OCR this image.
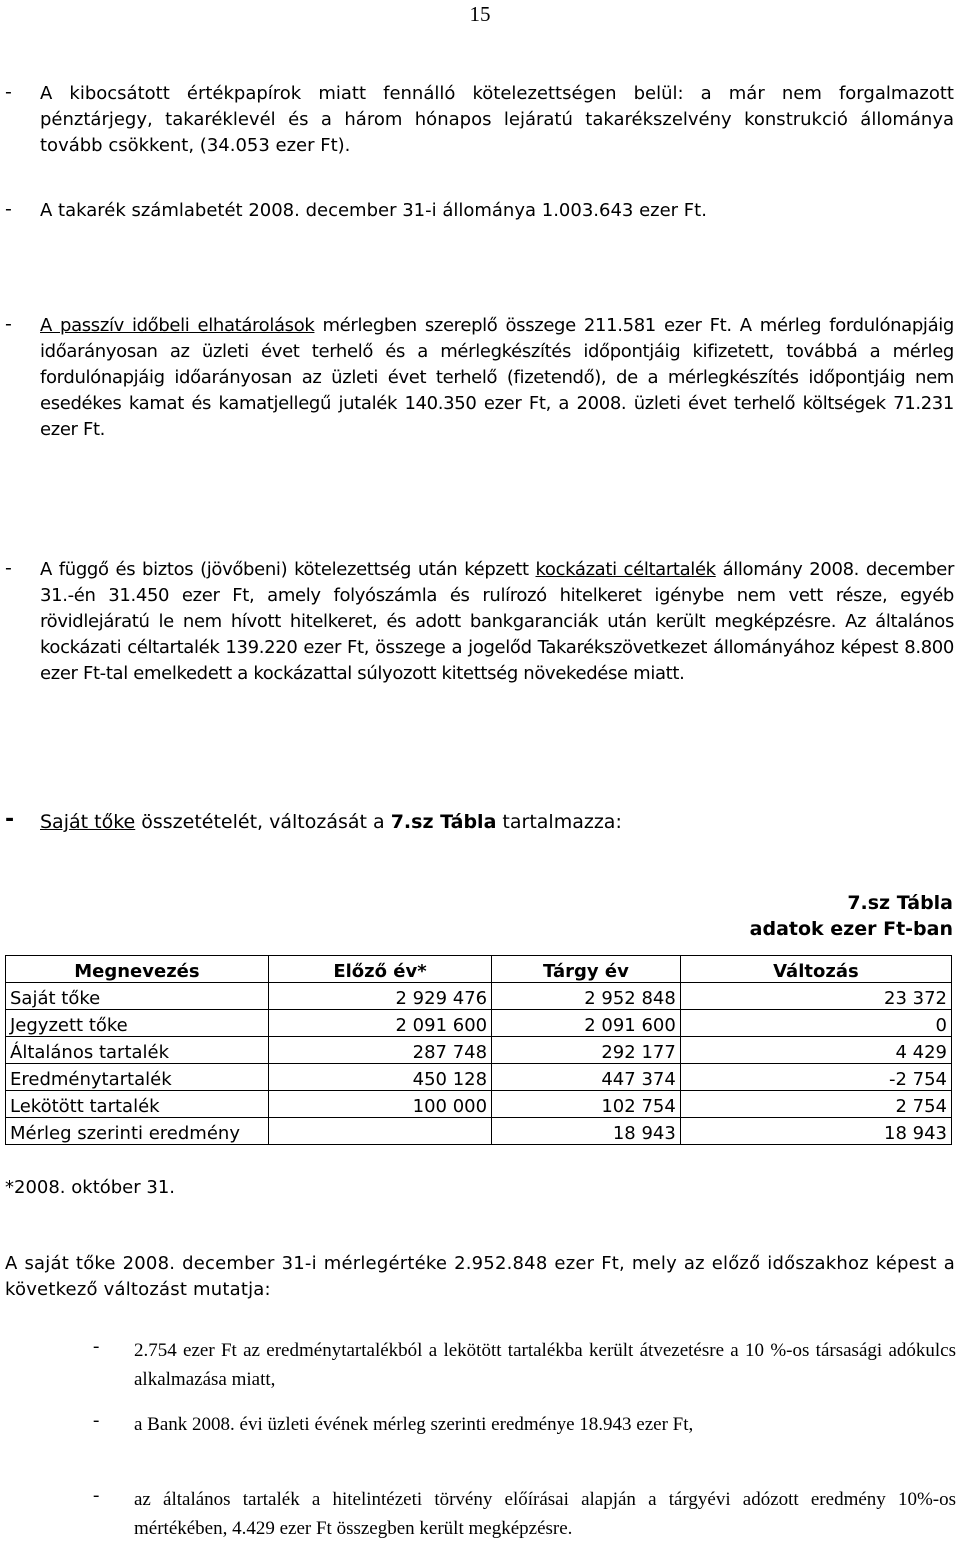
15
- A kibocsátott értékpapírok miatt fennálló kötelezettségen belül: a már nem forgalmazott pénztárjegy, takaréklevél és a három hónapos lejáratú takarékszelvény konstrukció állománya tovább csökkent, (34.053 ezer Ft).
- A takarék számlabetét 2008. december 31-i állománya 1.003.643 ezer Ft.
- A passzív időbeli elhatárolások mérlegben szereplő összege 211.581 ezer Ft. A mérleg fordulónapjáig időarányosan az üzleti évet terhelő és a mérlegkészítés időpontjáig kifizetett, továbbá a mérleg fordulónapjáig időarányosan az üzleti évet terhelő (fizetendő), de a mérlegkészítés időpontjáig nem esedékes kamat és kamatjellegű jutalék 140.350 ezer Ft, a 2008. üzleti évet terhelő költségek 71.231 ezer Ft.
- A függő és biztos (jövőbeni) kötelezettség után képzett kockázati céltartalék állomány 2008. december 31.-én 31.450 ezer Ft, amely folyószámla és rulírozó hitelkeret igénybe nem vett része, egyéb rövidlejáratú le nem hívott hitelkeret, és adott bankgaranciák után került megképzésre. Az általános kockázati céltartalék 139.220 ezer Ft, összege a jogelőd Takarékszövetkezet állományához képest 8.800 ezer Ft-tal emelkedett a kockázattal súlyozott kitettség növekedése miatt.
- Saját tőke összetételét, változását a 7.sz Tábla tartalmazza:
7.sz Tábla
adatok ezer Ft-ban
Megnevezés	Előző év*	Tárgy év	Változás
Saját tőke	2 929 476	2 952 848	23 372
Jegyzett tőke	2 091 600	2 091 600	0
Általános tartalék	287 748	292 177	4 429
Eredménytartalék	450 128	447 374	-2 754
Lekötött tartalék	100 000	102 754	2 754
Mérleg szerinti eredmény		18 943	18 943
*2008. október 31.
A saját tőke 2008. december 31-i mérlegértéke 2.952.848 ezer Ft, mely az előző időszakhoz képest a következő változást mutatja:
- 2.754 ezer Ft az eredménytartalékból a lekötött tartalékba került átvezetésre a 10 %-os társasági adókulcs alkalmazása miatt,
- a Bank 2008. évi üzleti évének mérleg szerinti eredménye 18.943 ezer Ft,
- az általános tartalék a hitelintézeti törvény előírásai alapján a tárgyévi adózott eredmény 10%-os mértékében, 4.429 ezer Ft összegben került megképzésre.
